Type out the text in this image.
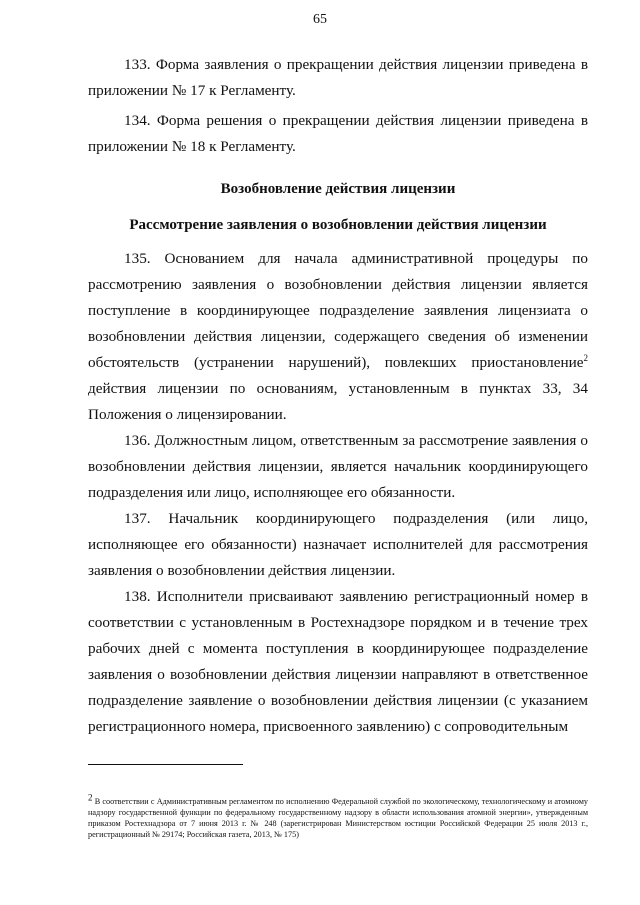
65

133. Форма заявления о прекращении действия лицензии приведена в приложении № 17 к Регламенту.

134. Форма решения о прекращении действия лицензии приведена в приложении № 18 к Регламенту.

Возобновление действия лицензии

Рассмотрение заявления о возобновлении действия лицензии

135. Основанием для начала административной процедуры по рассмотрению заявления о возобновлении действия лицензии является поступление в координирующее подразделение заявления лицензиата о возобновлении действия лицензии, содержащего сведения об изменении обстоятельств (устранении нарушений), повлекших приостановление$^2$ действия лицензии по основаниям, установленным в пунктах 33, 34 Положения о лицензировании.

136. Должностным лицом, ответственным за рассмотрение заявления о возобновлении действия лицензии, является начальник координирующего подразделения или лицо, исполняющее его обязанности.

137. Начальник координирующего подразделения (или лицо, исполняющее его обязанности) назначает исполнителей для рассмотрения заявления о возобновлении действия лицензии.

138. Исполнители присваивают заявлению регистрационный номер в соответствии с установленным в Ростехнадзоре порядком и в течение трех рабочих дней с момента поступления в координирующее подразделение заявления о возобновлении действия лицензии направляют в ответственное подразделение заявление о возобновлении действия лицензии (с указанием регистрационного номера, присвоенного заявлению) с сопроводительным

$^2$ В соответствии с Административным регламентом по исполнению Федеральной службой по экологическому, технологическому и атомному надзору государственной функции по федеральному государственному надзору в области использования атомной энергии», утвержденным приказом Ростехнадзора от 7 июня 2013 г. № 248 (зарегистрирован Министерством юстиции Российской Федерации 25 июля 2013 г., регистрационный № 29174; Российская газета, 2013, № 175)
